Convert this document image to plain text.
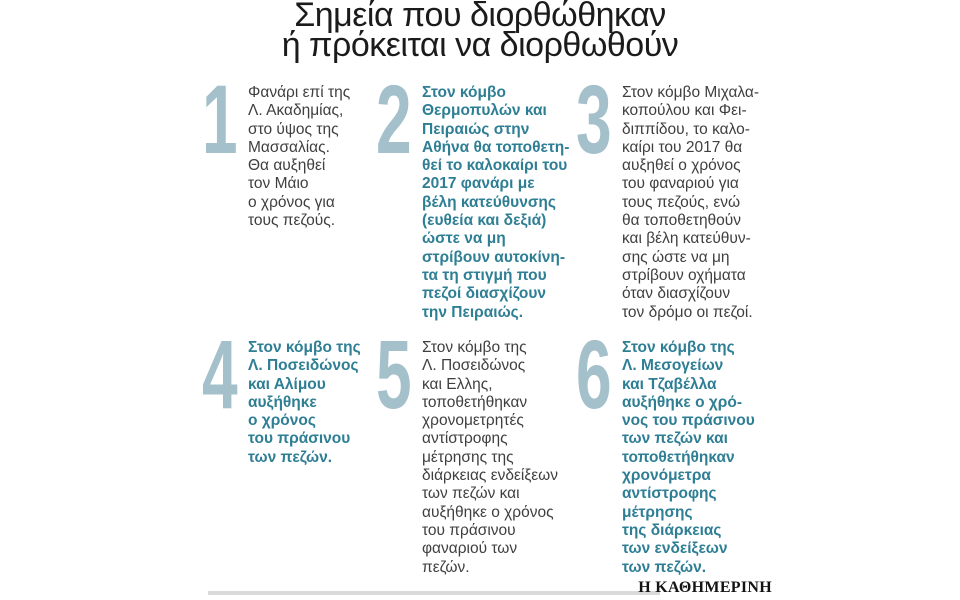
Σημεία που διορθώθηκαν
ή πρόκειται να διορθωθούν
1 Φανάρι επί της
Λ. Ακαδημίας,
στο ύψος της
Μασσαλίας.
Θα αυξηθεί
τον Μάιο
ο χρόνος για
τους πεζούς.
2 Στον κόμβο
Θερμοπυλών και
Πειραιώς στην
Αθήνα θα τοποθετη-
θεί το καλοκαίρι του
2017 φανάρι με
βέλη κατεύθυνσης
(ευθεία και δεξιά)
ώστε να μη
στρίβουν αυτοκίνη-
τα τη στιγμή που
πεζοί διασχίζουν
την Πειραιώς.
3 Στον κόμβο Μιχαλα-
κοπούλου και Φει-
διππίδου, το καλο-
καίρι του 2017 θα
αυξηθεί ο χρόνος
του φαναριού για
τους πεζούς, ενώ
θα τοποθετηθούν
και βέλη κατεύθυν-
σης ώστε να μη
στρίβουν οχήματα
όταν διασχίζουν
τον δρόμο οι πεζοί.
4 Στον κόμβο της
Λ. Ποσειδώνος
και Αλίμου
αυξήθηκε
ο χρόνος
του πράσινου
των πεζών.
5 Στον κόμβο της
Λ. Ποσειδώνος
και Ελλης,
τοποθετήθηκαν
χρονομετρητές
αντίστροφης
μέτρησης της
διάρκειας ενδείξεων
των πεζών και
αυξήθηκε ο χρόνος
του πράσινου
φαναριού των
πεζών.
6 Στον κόμβο της
Λ. Μεσογείων
και Τζαβέλλα
αυξήθηκε ο χρό-
νος του πράσινου
των πεζών και
τοποθετήθηκαν
χρονόμετρα
αντίστροφης
μέτρησης
της διάρκειας
των ενδείξεων
των πεζών.
Η ΚΑΘΗΜΕΡΙΝΗ
